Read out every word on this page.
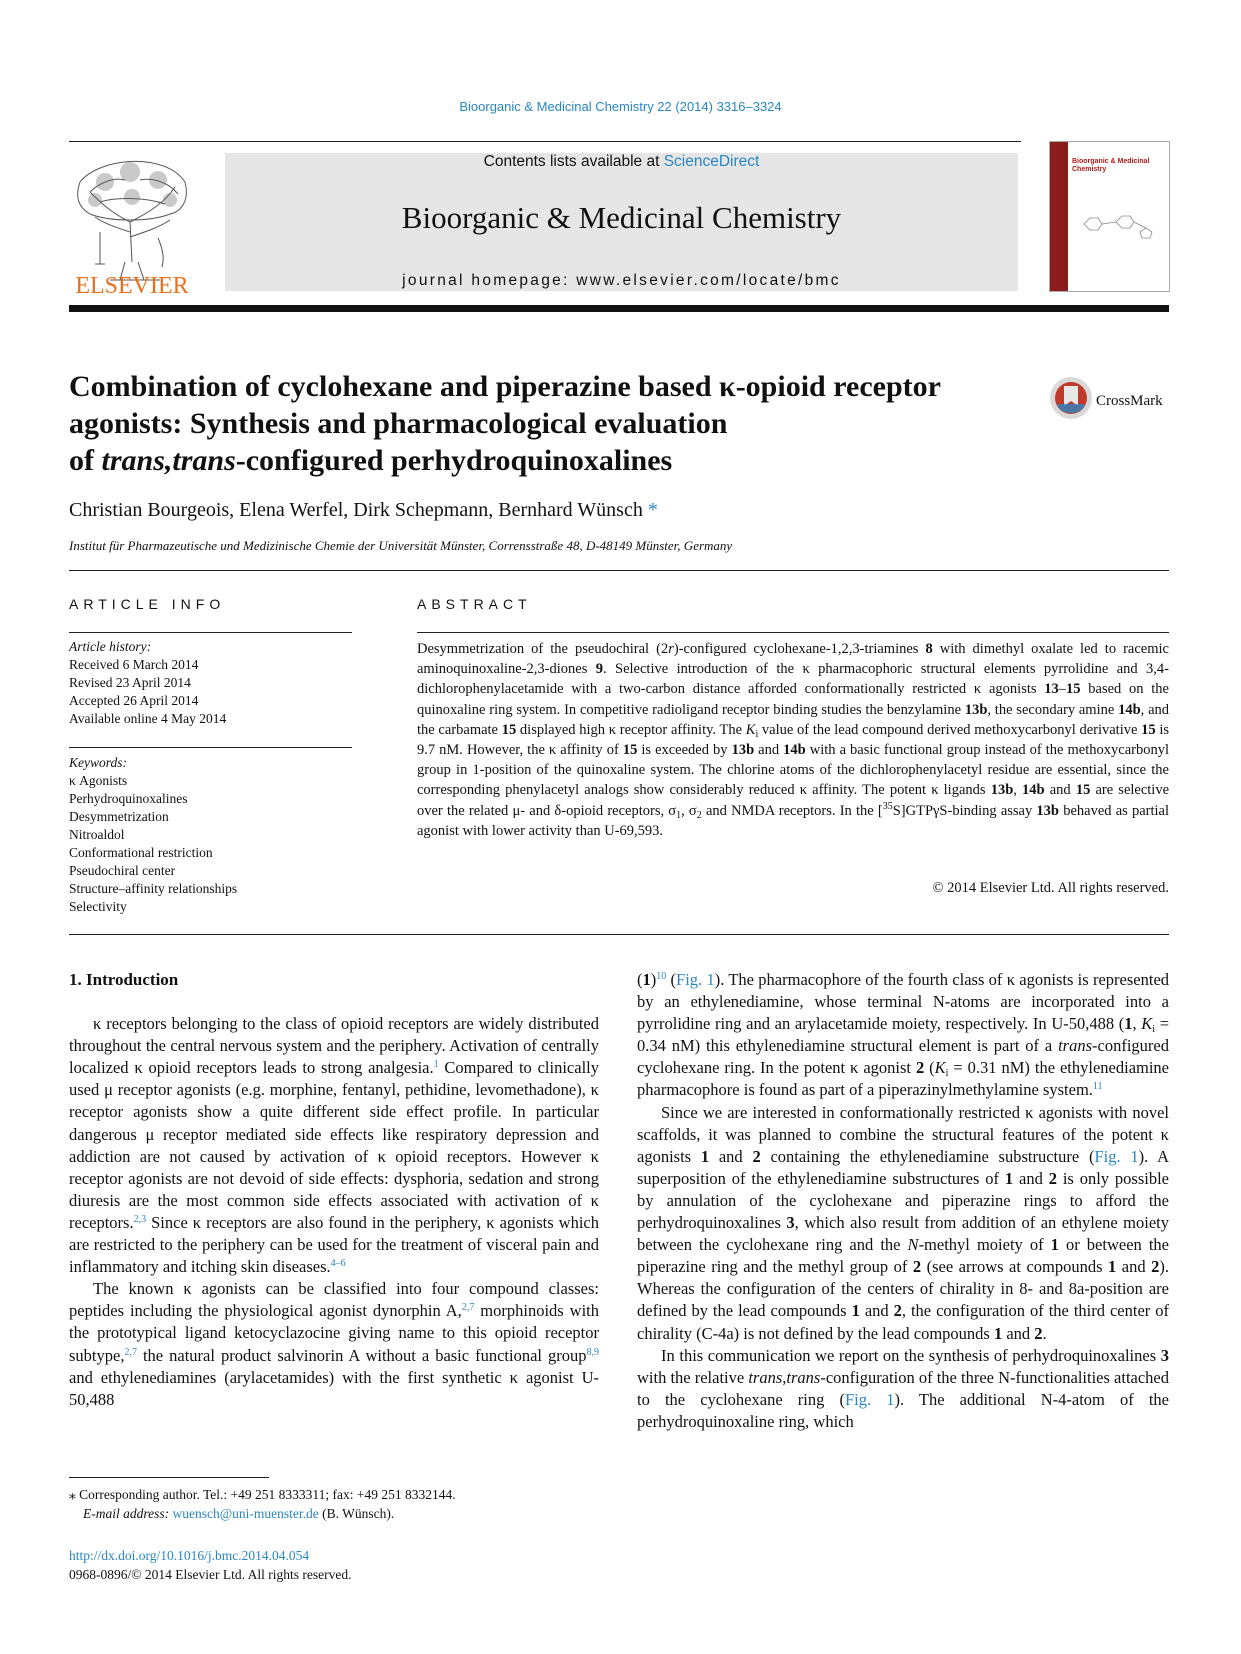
Bioorganic & Medicinal Chemistry 22 (2014) 3316–3324
ELSEVIER
Contents lists available at ScienceDirect
Bioorganic & Medicinal Chemistry
journal homepage: www.elsevier.com/locate/bmc
Bioorganic & Medicinal Chemistry
Combination of cyclohexane and piperazine based κ-opioid receptor
agonists: Synthesis and pharmacological evaluation
of trans,trans-configured perhydroquinoxalines
CrossMark
Christian Bourgeois, Elena Werfel, Dirk Schepmann, Bernhard Wünsch *
Institut für Pharmazeutische und Medizinische Chemie der Universität Münster, Corrensstraße 48, D-48149 Münster, Germany
ARTICLE INFO	ABSTRACT
Article history:
Received 6 March 2014
Revised 23 April 2014
Accepted 26 April 2014
Available online 4 May 2014
Keywords:
κ Agonists
Perhydroquinoxalines
Desymmetrization
Nitroaldol
Conformational restriction
Pseudochiral center
Structure–affinity relationships
Selectivity
Desymmetrization of the pseudochiral (2r)-configured cyclohexane-1,2,3-triamines 8 with dimethyl oxalate led to racemic aminoquinoxaline-2,3-diones 9. Selective introduction of the κ pharmacophoric structural elements pyrrolidine and 3,4-dichlorophenylacetamide with a two-carbon distance afforded conformationally restricted κ agonists 13–15 based on the quinoxaline ring system. In competitive radioligand receptor binding studies the benzylamine 13b, the secondary amine 14b, and the carbamate 15 displayed high κ receptor affinity. The $K_i$ value of the lead compound derived methoxycarbonyl derivative 15 is 9.7 nM. However, the κ affinity of 15 is exceeded by 13b and 14b with a basic functional group instead of the methoxycarbonyl group in 1-position of the quinoxaline system. The chlorine atoms of the dichlorophenylacetyl residue are essential, since the corresponding phenylacetyl analogs show considerably reduced κ affinity. The potent κ ligands 13b, 14b and 15 are selective over the related μ- and δ-opioid receptors, $\sigma_1$, $\sigma_2$ and NMDA receptors. In the [$^{35}$S]GTPγS-binding assay 13b behaved as partial agonist with lower activity than U-69,593.
© 2014 Elsevier Ltd. All rights reserved.
1. Introduction

κ receptors belonging to the class of opioid receptors are widely distributed throughout the central nervous system and the periphery. Activation of centrally localized κ opioid receptors leads to strong analgesia.$^1$ Compared to clinically used μ receptor agonists (e.g. morphine, fentanyl, pethidine, levomethadone), κ receptor agonists show a quite different side effect profile. In particular dangerous μ receptor mediated side effects like respiratory depression and addiction are not caused by activation of κ opioid receptors. However κ receptor agonists are not devoid of side effects: dysphoria, sedation and strong diuresis are the most common side effects associated with activation of κ receptors.$^{2,3}$ Since κ receptors are also found in the periphery, κ agonists which are restricted to the periphery can be used for the treatment of visceral pain and inflammatory and itching skin diseases.$^{4-6}$

The known κ agonists can be classified into four compound classes: peptides including the physiological agonist dynorphin A,$^{2,7}$ morphinoids with the prototypical ligand ketocyclazocine giving name to this opioid receptor subtype,$^{2,7}$ the natural product salvinorin A without a basic functional group$^{8,9}$ and ethylenediamines (arylacetamides) with the first synthetic κ agonist U-50,488

$(1)^{10}$ (Fig. 1). The pharmacophore of the fourth class of κ agonists is represented by an ethylenediamine, whose terminal N-atoms are incorporated into a pyrrolidine ring and an arylacetamide moiety, respectively. In U-50,488 (1, $K_i = 0.34$ nM) this ethylenediamine structural element is part of a trans-configured cyclohexane ring. In the potent κ agonist 2 ($K_i = 0.31$ nM) the ethylenediamine pharmacophore is found as part of a piperazinylmethylamine system.$^{11}$

Since we are interested in conformationally restricted κ agonists with novel scaffolds, it was planned to combine the structural features of the potent κ agonists 1 and 2 containing the ethylenediamine substructure (Fig. 1). A superposition of the ethylenediamine substructures of 1 and 2 is only possible by annulation of the cyclohexane and piperazine rings to afford the perhydroquinoxalines 3, which also result from addition of an ethylene moiety between the cyclohexane ring and the N-methyl moiety of 1 or between the piperazine ring and the methyl group of 2 (see arrows at compounds 1 and 2). Whereas the configuration of the centers of chirality in 8- and 8a-position are defined by the lead compounds 1 and 2, the configuration of the third center of chirality (C-4a) is not defined by the lead compounds 1 and 2.

In this communication we report on the synthesis of perhydroquinoxalines 3 with the relative trans,trans-configuration of the three N-functionalities attached to the cyclohexane ring (Fig. 1). The additional N-4-atom of the perhydroquinoxaline ring, which

⁎ Corresponding author. Tel.: +49 251 8333311; fax: +49 251 8332144.
E-mail address: wuensch@uni-muenster.de (B. Wünsch).
http://dx.doi.org/10.1016/j.bmc.2014.04.054
0968-0896/© 2014 Elsevier Ltd. All rights reserved.
